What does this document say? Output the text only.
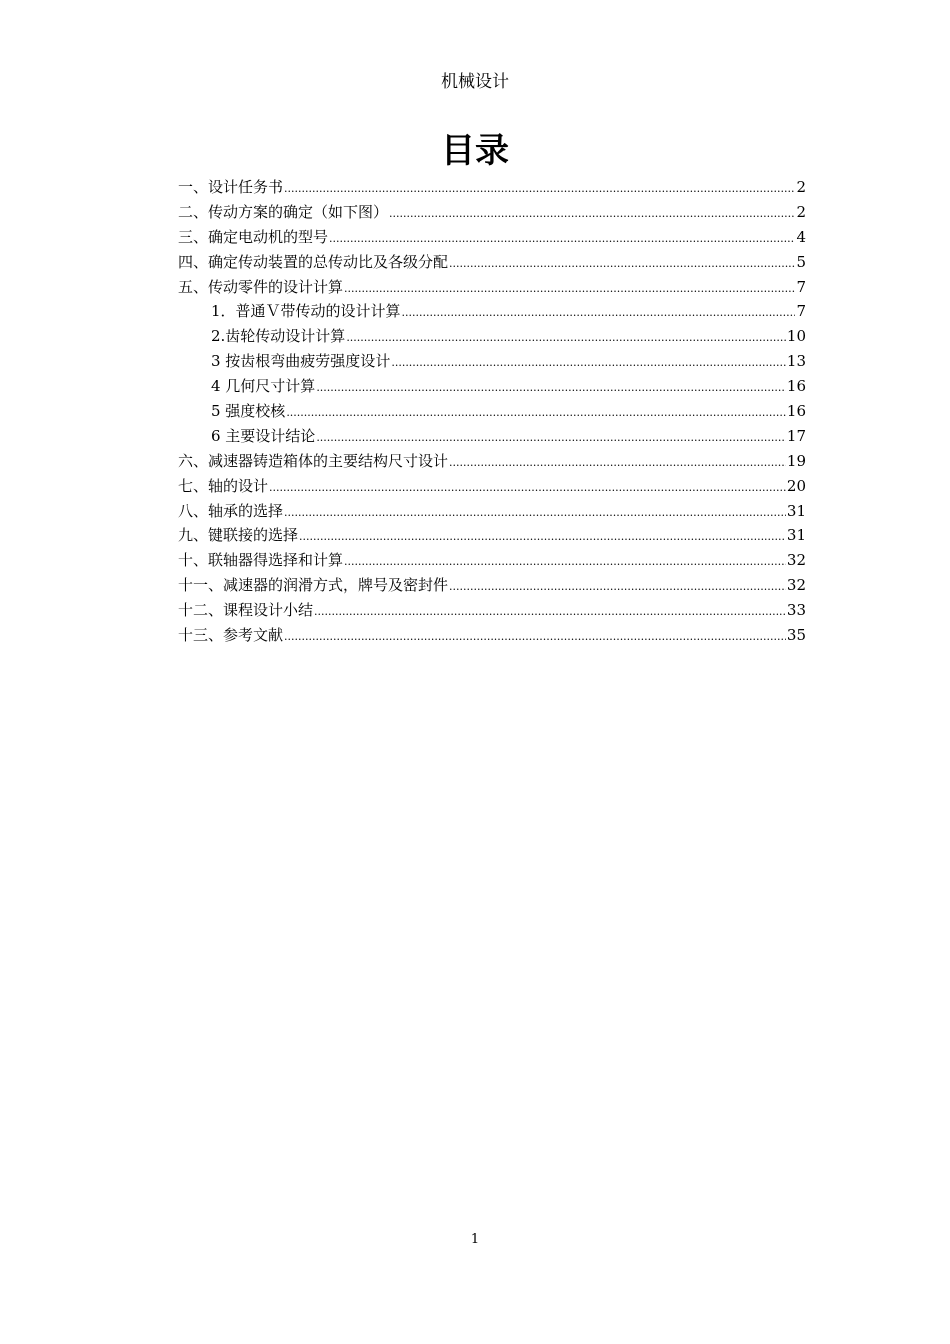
机械设计
目录
一、设计任务书 .....	2
二、传动方案的确定（如下图） .....	2
三、确定电动机的型号 .....	4
四、确定传动装置的总传动比及各级分配 .....	5
五、传动零件的设计计算 .....	7
1．普通Ｖ带传动的设计计算 .....	7
2.齿轮传动设计计算 .....	10
3 按齿根弯曲疲劳强度设计 .....	13
4 几何尺寸计算 .....	16
5 强度校核 .....	16
6 主要设计结论 .....	17
六、减速器铸造箱体的主要结构尺寸设计 .....	19
七、轴的设计 .....	20
八、轴承的选择 .....	31
九、键联接的选择 .....	31
十、联轴器得选择和计算 .....	32
十一、减速器的润滑方式，牌号及密封件 .....	32
十二、课程设计小结 .....	33
十三、参考文献 .....	35
1
